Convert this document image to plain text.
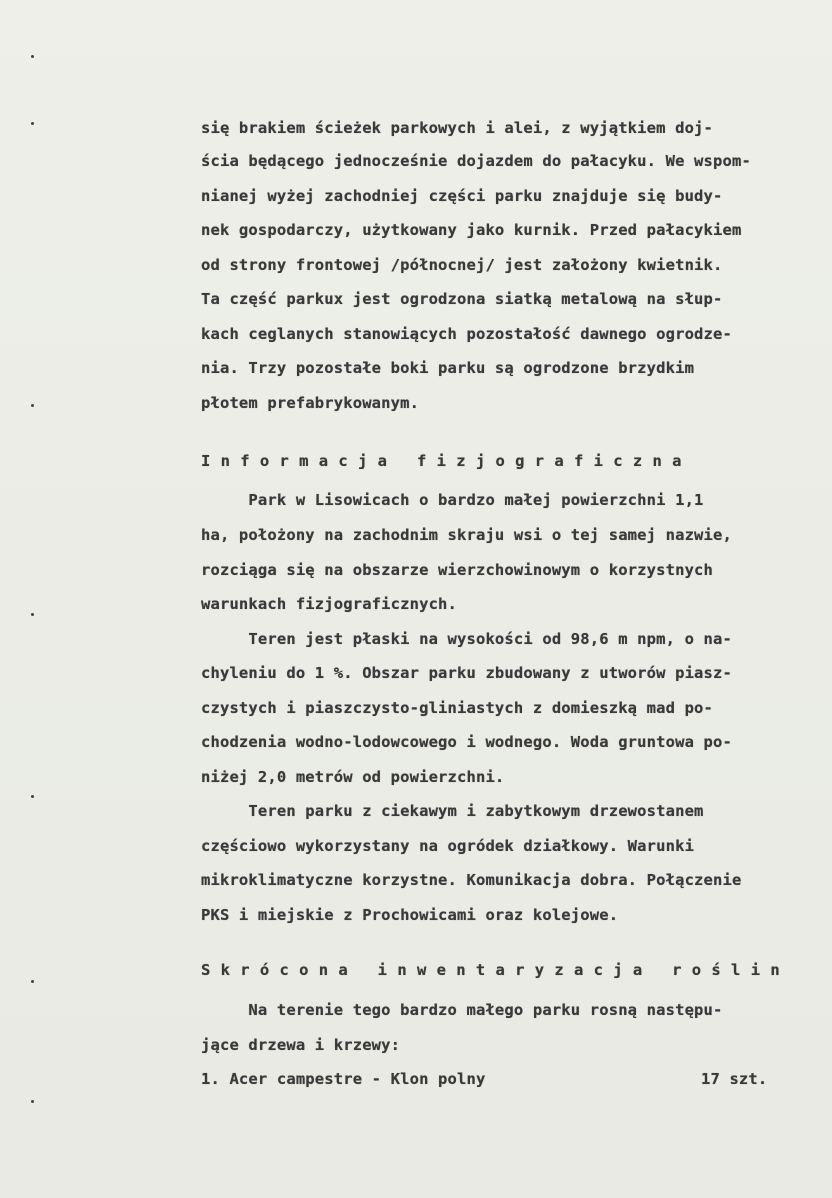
się brakiem ścieżek parkowych i alei, z wyjątkiem doj-
ścia będącego jednocześnie dojazdem do pałacyku. We wspom-
nianej wyżej zachodniej części parku znajduje się budy-
nek gospodarczy, użytkowany jako kurnik. Przed pałacykiem
od strony frontowej /północnej/ jest założony kwietnik.
Ta część parkux jest ogrodzona siatką metalową na słup-
kach ceglanych stanowiących pozostałość dawnego ogrodze-
nia. Trzy pozostałe boki parku są ogrodzone brzydkim
płotem prefabrykowanym.
Informacja fizjograficzna
Park w Lisowicach o bardzo małej powierzchni 1,1
ha, położony na zachodnim skraju wsi o tej samej nazwie,
rozciąga się na obszarze wierzchowinowym o korzystnych
warunkach fizjograficznych.
Teren jest płaski na wysokości od 98,6 m npm, o na-
chyleniu do 1 %. Obszar parku zbudowany z utworów piasz-
czystych i piaszczysto-gliniastych z domieszką mad po-
chodzenia wodno-lodowcowego i wodnego. Woda gruntowa po-
niżej 2,0 metrów od powierzchni.
Teren parku z ciekawym i zabytkowym drzewostanem
częściowo wykorzystany na ogródek działkowy. Warunki
mikroklimatyczne korzystne. Komunikacja dobra. Połączenie
PKS i miejskie z Prochowicami oraz kolejowe.
Skrócona inwentaryzacja roślin
Na terenie tego bardzo małego parku rosną następu-
jące drzewa i krzewy:
1. Acer campestre - Klon polny	17 szt.
